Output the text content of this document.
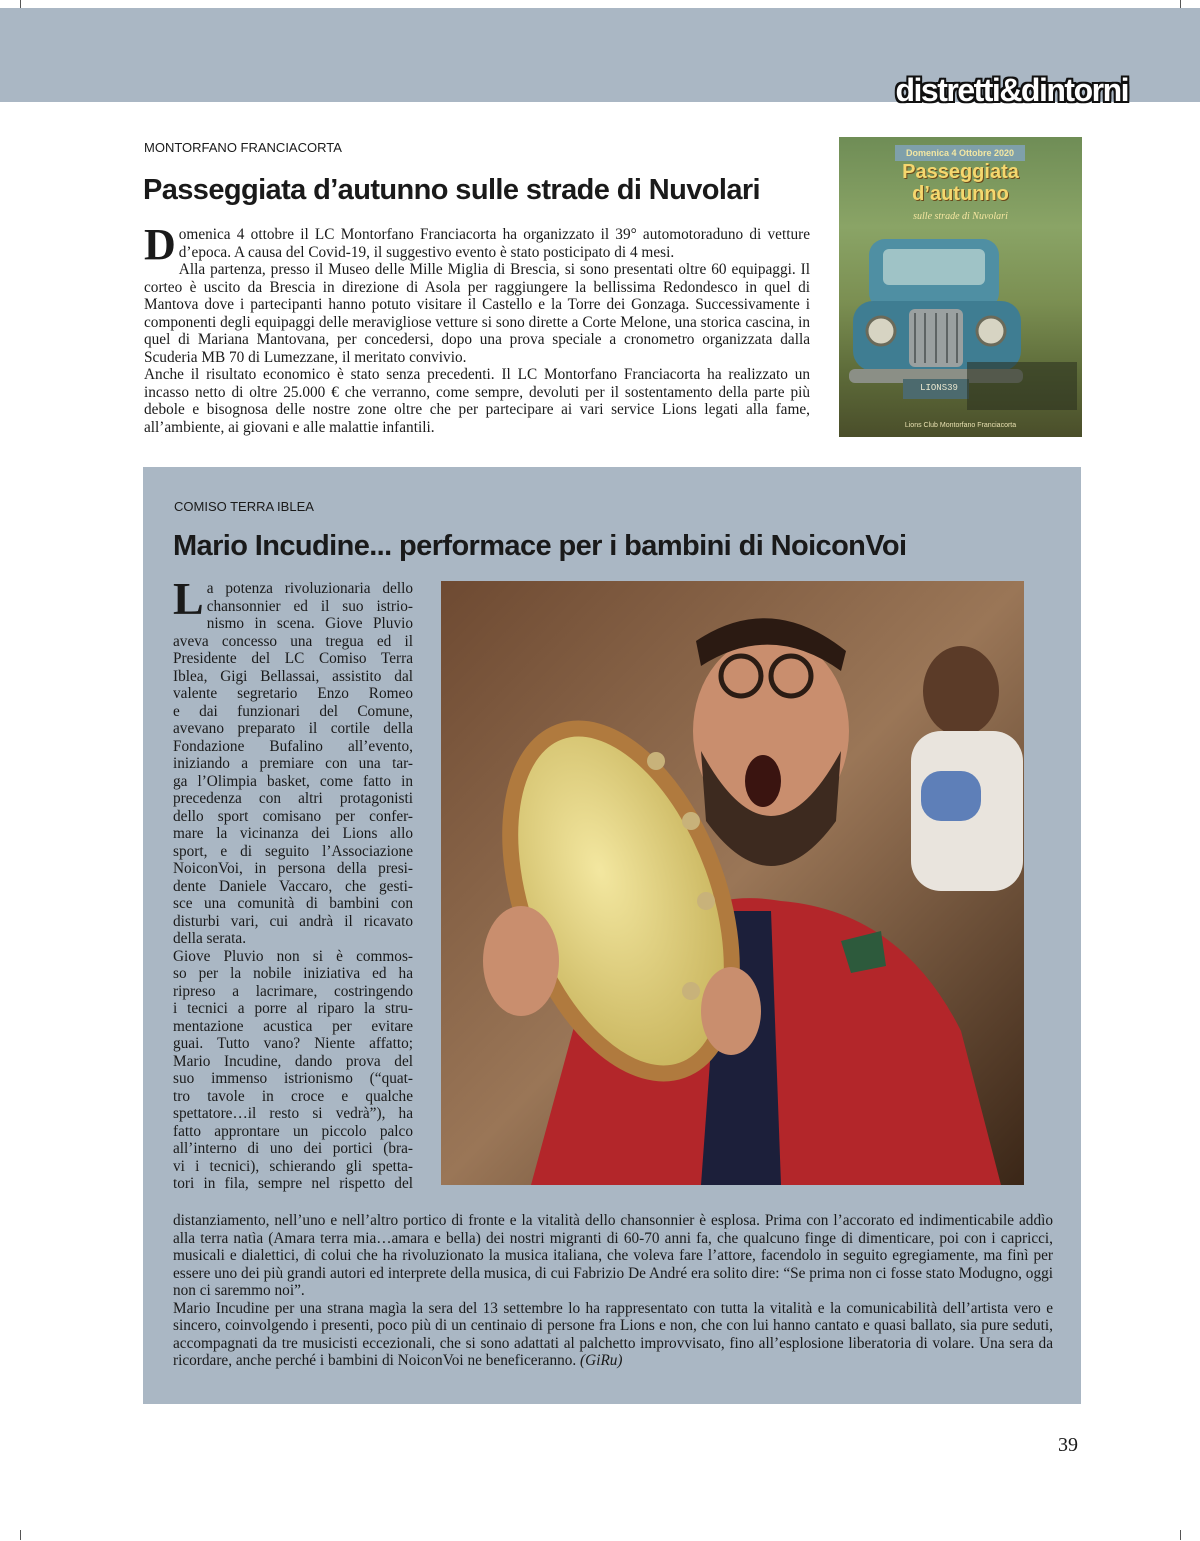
distretti&dintorni
MONTORFANO FRANCIACORTA
Passeggiata d’autunno sulle strade di Nuvolari

Domenica 4 ottobre il LC Montorfano Franciacorta ha organizzato il 39° automotoraduno di vetture d’epoca. A causa del Covid-19, il suggestivo evento è stato posticipato di 4 mesi.

Alla partenza, presso il Museo delle Mille Miglia di Brescia, si sono presentati oltre 60 equipaggi. Il corteo è uscito da Brescia in direzione di Asola per raggiungere la bellissima Redondesco in quel di Mantova dove i partecipanti hanno potuto visitare il Castello e la Torre dei Gonzaga. Successivamente i componenti degli equipaggi delle meravigliose vetture si sono dirette a Corte Melone, una storica cascina, in quel di Mariana Mantovana, per concedersi, dopo una prova speciale a cronometro organizzata dalla Scuderia MB 70 di Lumezzane, il meritato convivio.

Anche il risultato economico è stato senza precedenti. Il LC Montorfano Franciacorta ha realizzato un incasso netto di oltre 25.000 € che verranno, come sempre, devoluti per il sostentamento della parte più debole e bisognosa delle nostre zone oltre che per partecipare ai vari service Lions legati alla fame, all’ambiente, ai giovani e alle malattie infantili.

Domenica 4 Ottobre 2020
Passeggiata
d’autunno
sulle strade di Nuvolari
LIONS39
Lions Club Montorfano Franciacorta
COMISO TERRA IBLEA
Mario Incudine... performace per i bambini di NoiconVoi
L a potenza rivoluzionaria dello
chansonnier ed il suo istrio-
nismo in scena. Giove Pluvio
aveva concesso una tregua ed il
Presidente del LC Comiso Terra
Iblea, Gigi Bellassai, assistito dal
valente segretario Enzo Romeo
e dai funzionari del Comune,
avevano preparato il cortile della
Fondazione Bufalino all’evento,
iniziando a premiare con una tar-
ga l’Olimpia basket, come fatto in
precedenza con altri protagonisti
dello sport comisano per confer-
mare la vicinanza dei Lions allo
sport, e di seguito l’Associazione
NoiconVoi, in persona della presi-
dente Daniele Vaccaro, che gesti-
sce una comunità di bambini con
disturbi vari, cui andrà il ricavato
della serata.
Giove Pluvio non si è commos-
so per la nobile iniziativa ed ha
ripreso a lacrimare, costringendo
i tecnici a porre al riparo la stru-
mentazione acustica per evitare
guai. Tutto vano? Niente affatto;
Mario Incudine, dando prova del
suo immenso istrionismo (“quat-
tro tavole in croce e qualche
spettatore…il resto si vedrà”), ha
fatto approntare un piccolo palco
all’interno di uno dei portici (bra-
vi i tecnici), schierando gli spetta-
tori in fila, sempre nel rispetto del

distanziamento, nell’uno e nell’altro portico di fronte e la vitalità dello chansonnier è esplosa. Prima con l’accorato ed indimenticabile addìo alla terra natìa (Amara terra mia…amara e bella) dei nostri migranti di 60-70 anni fa, che qualcuno finge di dimenticare, poi con i capricci, musicali e dialettici, di colui che ha rivoluzionato la musica italiana, che voleva fare l’attore, facendolo in seguito egregiamente, ma finì per essere uno dei più grandi autori ed interprete della musica, di cui Fabrizio De André era solito dire: “Se prima non ci fosse stato Modugno, oggi non ci saremmo noi”.

Mario Incudine per una strana magìa la sera del 13 settembre lo ha rappresentato con tutta la vitalità e la comunicabilità dell’artista vero e sincero, coinvolgendo i presenti, poco più di un centinaio di persone fra Lions e non, che con lui hanno cantato e quasi ballato, sia pure seduti, accompagnati da tre musicisti eccezionali, che si sono adattati al palchetto improvvisato, fino all’esplosione liberatoria di volare. Una sera da ricordare, anche perché i bambini di NoiconVoi ne beneficeranno. (GiRu)

39
